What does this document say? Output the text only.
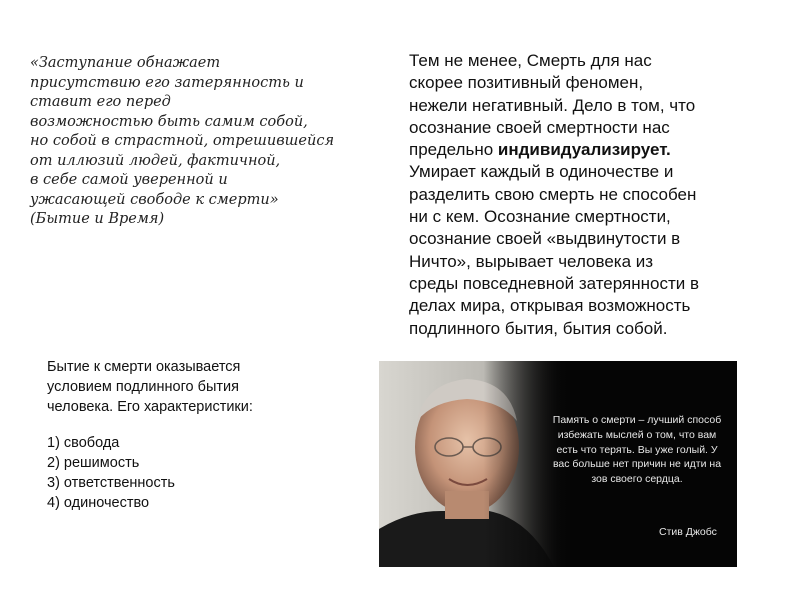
«Заступание обнажает
присутствию его затерянность и
ставит его перед
возможностью быть самим собой,
но собой в страстной, отрешившейся
от иллюзий людей, фактичной,
в себе самой уверенной и
ужасающей свободе к смерти»
(Бытие и Время)
Тем не менее, Смерть для нас
скорее позитивный феномен,
нежели негативный. Дело в том, что
осознание своей смертности нас
предельно индивидуализирует.
Умирает каждый в одиночестве и
разделить свою смерть не способен
ни с кем. Осознание смертности,
осознание своей «выдвинутости в
Ничто», вырывает человека из
среды повседневной затерянности в
делах мира, открывая возможность
подлинного бытия, бытия собой.
Бытие к смерти оказывается
условием подлинного бытия
человека. Его характеристики:
1) свобода
2) решимость
3) ответственность
4) одиночество
Память о смерти – лучший способ
избежать мыслей о том, что вам
есть что терять. Вы уже голый. У
вас больше нет причин не идти на
зов своего сердца.
Стив Джобс
